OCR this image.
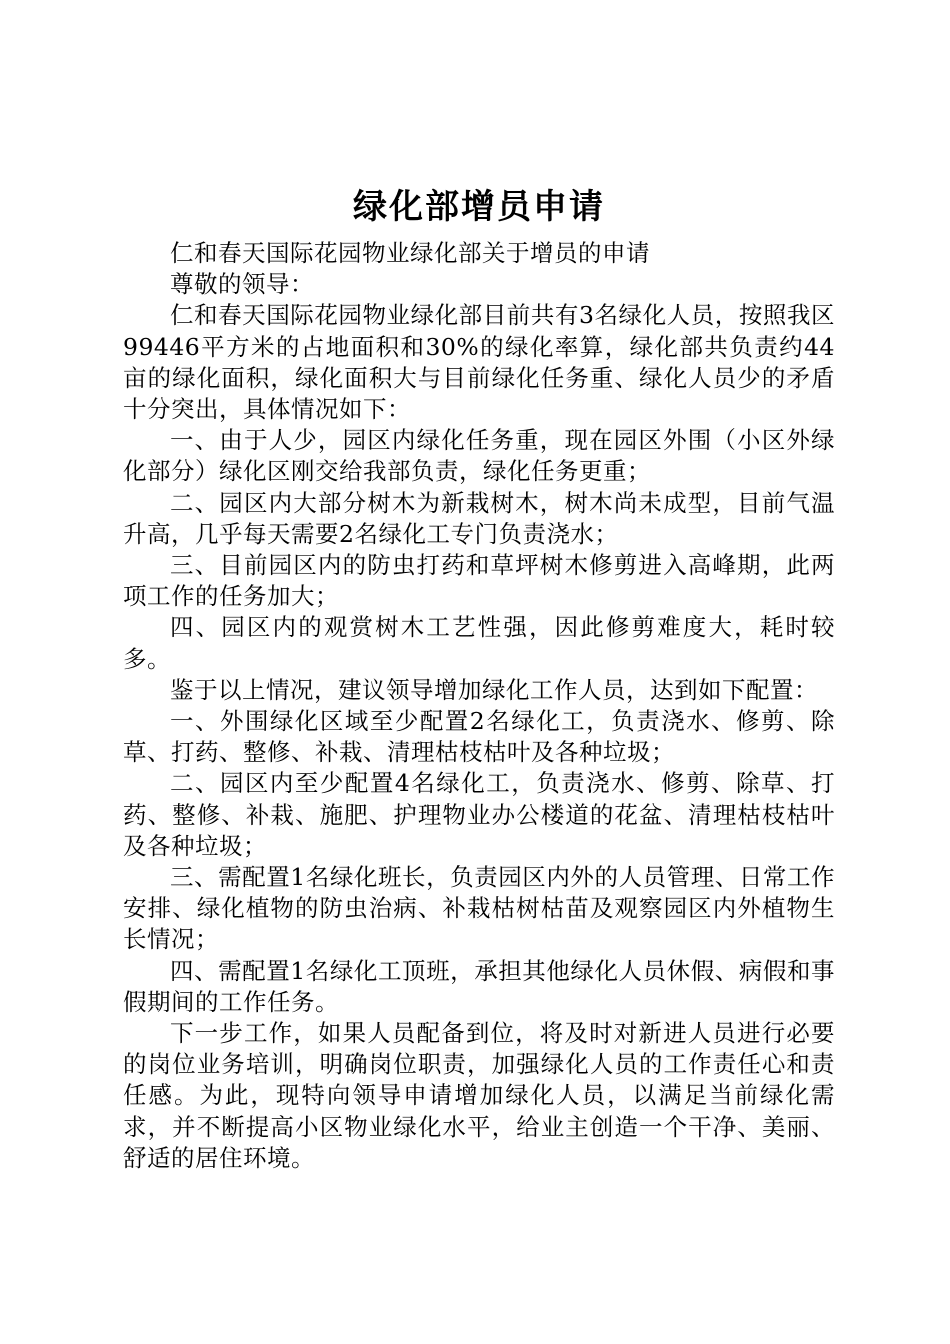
绿化部增员申请

仁和春天国际花园物业绿化部关于增员的申请

尊敬的领导：

仁和春天国际花园物业绿化部目前共有3名绿化人员，按照我区99446平方米的占地面积和30%的绿化率算，绿化部共负责约44亩的绿化面积，绿化面积大与目前绿化任务重、绿化人员少的矛盾十分突出，具体情况如下：

一、由于人少，园区内绿化任务重，现在园区外围（小区外绿化部分）绿化区刚交给我部负责，绿化任务更重；

二、园区内大部分树木为新栽树木，树木尚未成型，目前气温升高，几乎每天需要2名绿化工专门负责浇水；

三、目前园区内的防虫打药和草坪树木修剪进入高峰期，此两项工作的任务加大；

四、园区内的观赏树木工艺性强，因此修剪难度大，耗时较多。

鉴于以上情况，建议领导增加绿化工作人员，达到如下配置：

一、外围绿化区域至少配置2名绿化工，负责浇水、修剪、除草、打药、整修、补栽、清理枯枝枯叶及各种垃圾；

二、园区内至少配置4名绿化工，负责浇水、修剪、除草、打药、整修、补栽、施肥、护理物业办公楼道的花盆、清理枯枝枯叶及各种垃圾；

三、需配置1名绿化班长，负责园区内外的人员管理、日常工作安排、绿化植物的防虫治病、补栽枯树枯苗及观察园区内外植物生长情况；

四、需配置1名绿化工顶班，承担其他绿化人员休假、病假和事假期间的工作任务。

下一步工作，如果人员配备到位，将及时对新进人员进行必要的岗位业务培训，明确岗位职责，加强绿化人员的工作责任心和责任感。为此，现特向领导申请增加绿化人员，以满足当前绿化需求，并不断提高小区物业绿化水平，给业主创造一个干净、美丽、舒适的居住环境。
